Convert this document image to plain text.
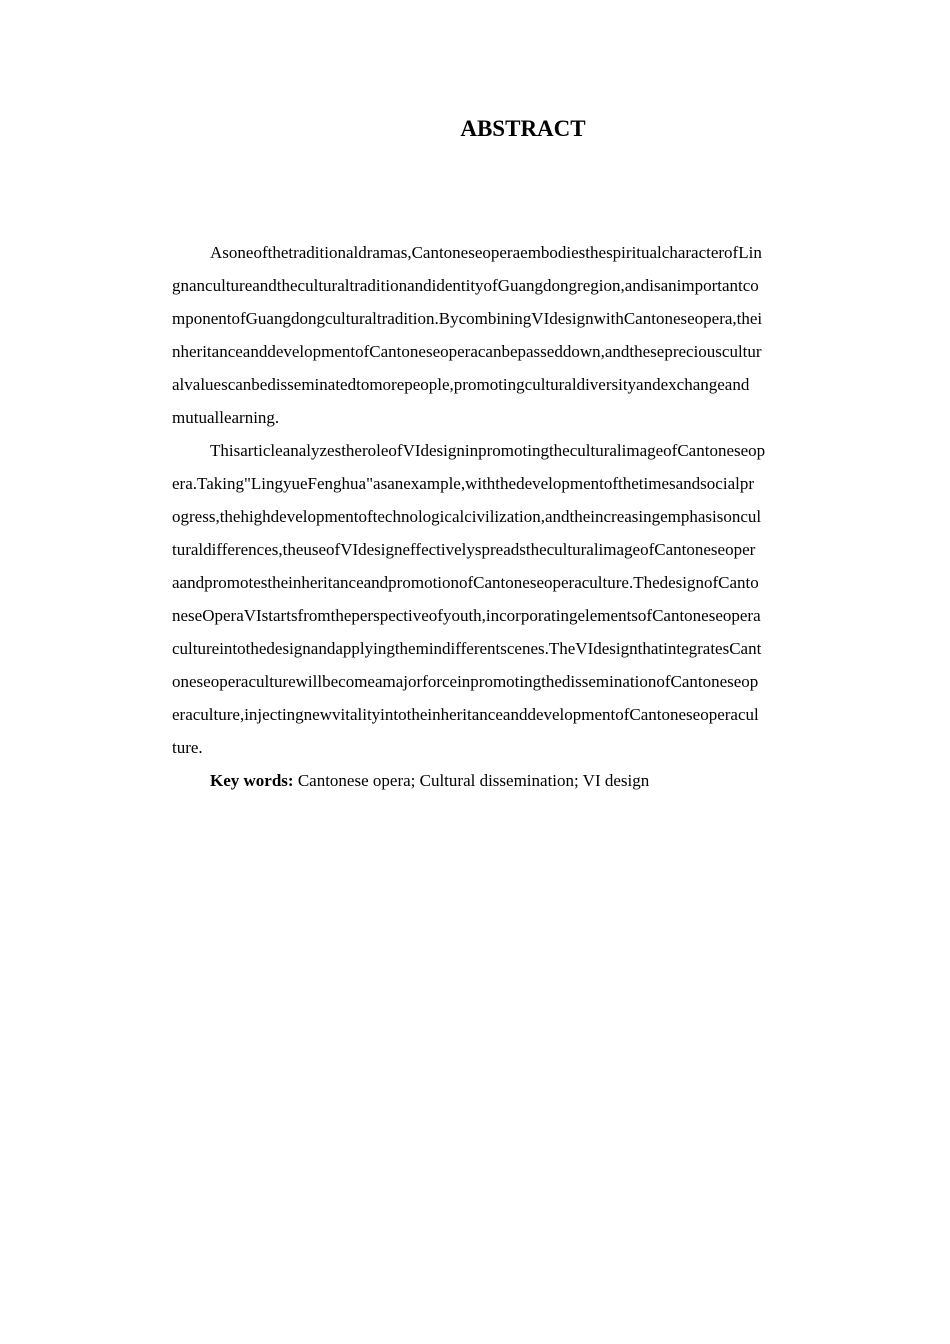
ABSTRACT
Asoneofthetraditionaldramas,CantoneseoperaembodiesthespiritualcharacterofLin
gnancultureandtheculturaltraditionandidentityofGuangdongregion,andisanimportantco
mponentofGuangdongculturaltradition.BycombiningVIdesignwithCantoneseopera,thei
nheritanceanddevelopmentofCantoneseoperacanbepasseddown,andthesepreciouscultur
alvaluescanbedisseminatedtomorepeople,promotingculturaldiversityandexchangeand
mutuallearning.
ThisarticleanalyzestheroleofVIdesigninpromotingtheculturalimageofCantoneseop
era.Taking"LingyueFenghua"asanexample,withthedevelopmentofthetimesandsocialpr
ogress,thehighdevelopmentoftechnologicalcivilization,andtheincreasingemphasisoncul
turaldifferences,theuseofVIdesigneffectivelyspreadstheculturalimageofCantoneseoper
aandpromotestheinheritanceandpromotionofCantoneseoperaculture.ThedesignofCanto
neseOperaVIstartsfromtheperspectiveofyouth,incorporatingelementsofCantoneseopera
cultureintothedesignandapplyingthemindifferentscenes.TheVIdesignthatintegratesCant
oneseoperaculturewillbecomeamajorforceinpromotingthedisseminationofCantoneseop
eraculture,injectingnewvitalityintotheinheritanceanddevelopmentofCantoneseoperacul
ture.
Key words: Cantonese opera; Cultural dissemination; VI design
